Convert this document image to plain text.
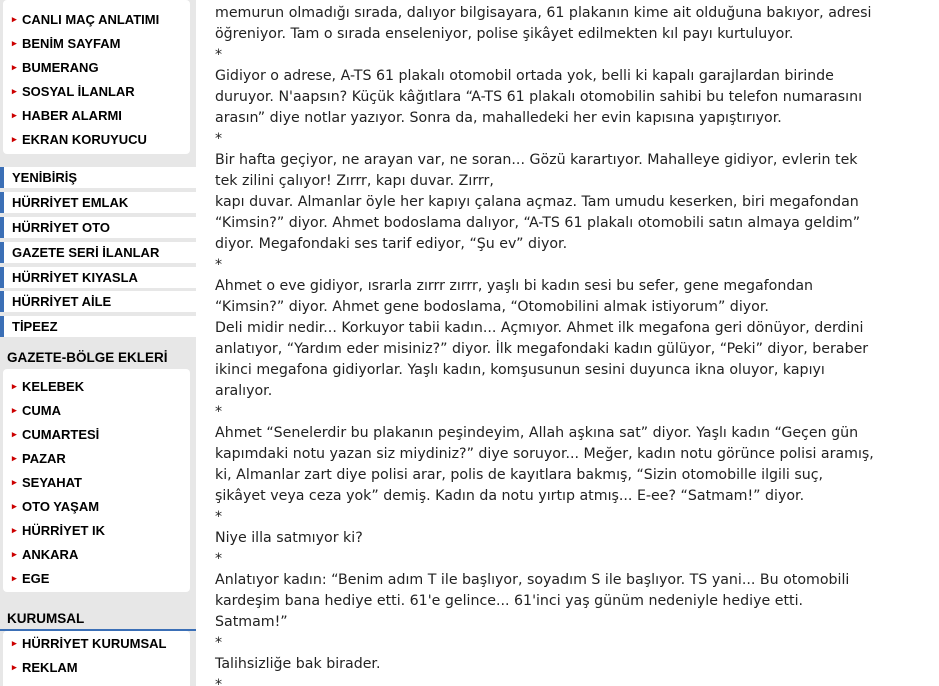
▸ CANLI MAÇ ANLATIMI
▸ BENİM SAYFAM
▸ BUMERANG
▸ SOSYAL İLANLAR
▸ HABER ALARMI
▸ EKRAN KORUYUCU
YENİBİRİŞ
HÜRRİYET EMLAK
HÜRRİYET OTO
GAZETE SERİ İLANLAR
HÜRRİYET KIYASLA
HÜRRİYET AİLE
TİPEEZ
GAZETE-BÖLGE EKLERİ
▸ KELEBEK
▸ CUMA
▸ CUMARTESİ
▸ PAZAR
▸ SEYAHAT
▸ OTO YAŞAM
▸ HÜRRİYET IK
▸ ANKARA
▸ EGE
KURUMSAL
▸ HÜRRİYET KURUMSAL
▸ REKLAM
memurun olmadığı sırada, dalıyor bilgisayara, 61 plakanın kime ait olduğuna bakıyor, adresi
öğreniyor. Tam o sırada enseleniyor, polise şikâyet edilmekten kıl payı kurtuluyor.
*
Gidiyor o adrese, A-TS 61 plakalı otomobil ortada yok, belli ki kapalı garajlardan birinde
duruyor. N'aapsın? Küçük kâğıtlara “A-TS 61 plakalı otomobilin sahibi bu telefon numarasını
arasın” diye notlar yazıyor. Sonra da, mahalledeki her evin kapısına yapıştırıyor.
*
Bir hafta geçiyor, ne arayan var, ne soran... Gözü karartıyor. Mahalleye gidiyor, evlerin tek
tek zilini çalıyor! Zırrr, kapı duvar. Zırrr,
kapı duvar. Almanlar öyle her kapıyı çalana açmaz. Tam umudu keserken, biri megafondan
“Kimsin?” diyor. Ahmet bodoslama dalıyor, “A-TS 61 plakalı otomobili satın almaya geldim”
diyor. Megafondaki ses tarif ediyor, “Şu ev” diyor.
*
Ahmet o eve gidiyor, ısrarla zırrr zırrr, yaşlı bi kadın sesi bu sefer, gene megafondan
“Kimsin?” diyor. Ahmet gene bodoslama, “Otomobilini almak istiyorum” diyor.
Deli midir nedir... Korkuyor tabii kadın... Açmıyor. Ahmet ilk megafona geri dönüyor, derdini
anlatıyor, “Yardım eder misiniz?” diyor. İlk megafondaki kadın gülüyor, “Peki” diyor, beraber
ikinci megafona gidiyorlar. Yaşlı kadın, komşusunun sesini duyunca ikna oluyor, kapıyı
aralıyor.
*
Ahmet “Senelerdir bu plakanın peşindeyim, Allah aşkına sat” diyor. Yaşlı kadın “Geçen gün
kapımdaki notu yazan siz miydiniz?” diye soruyor... Meğer, kadın notu görünce polisi aramış,
ki, Almanlar zart diye polisi arar, polis de kayıtlara bakmış, “Sizin otomobille ilgili suç,
şikâyet veya ceza yok” demiş. Kadın da notu yırtıp atmış... E-ee? “Satmam!” diyor.
*
Niye illa satmıyor ki?
*
Anlatıyor kadın: “Benim adım T ile başlıyor, soyadım S ile başlıyor. TS yani... Bu otomobili
kardeşim bana hediye etti. 61'e gelince... 61'inci yaş günüm nedeniyle hediye etti.
Satmam!”
*
Talihsizliğe bak birader.
*
